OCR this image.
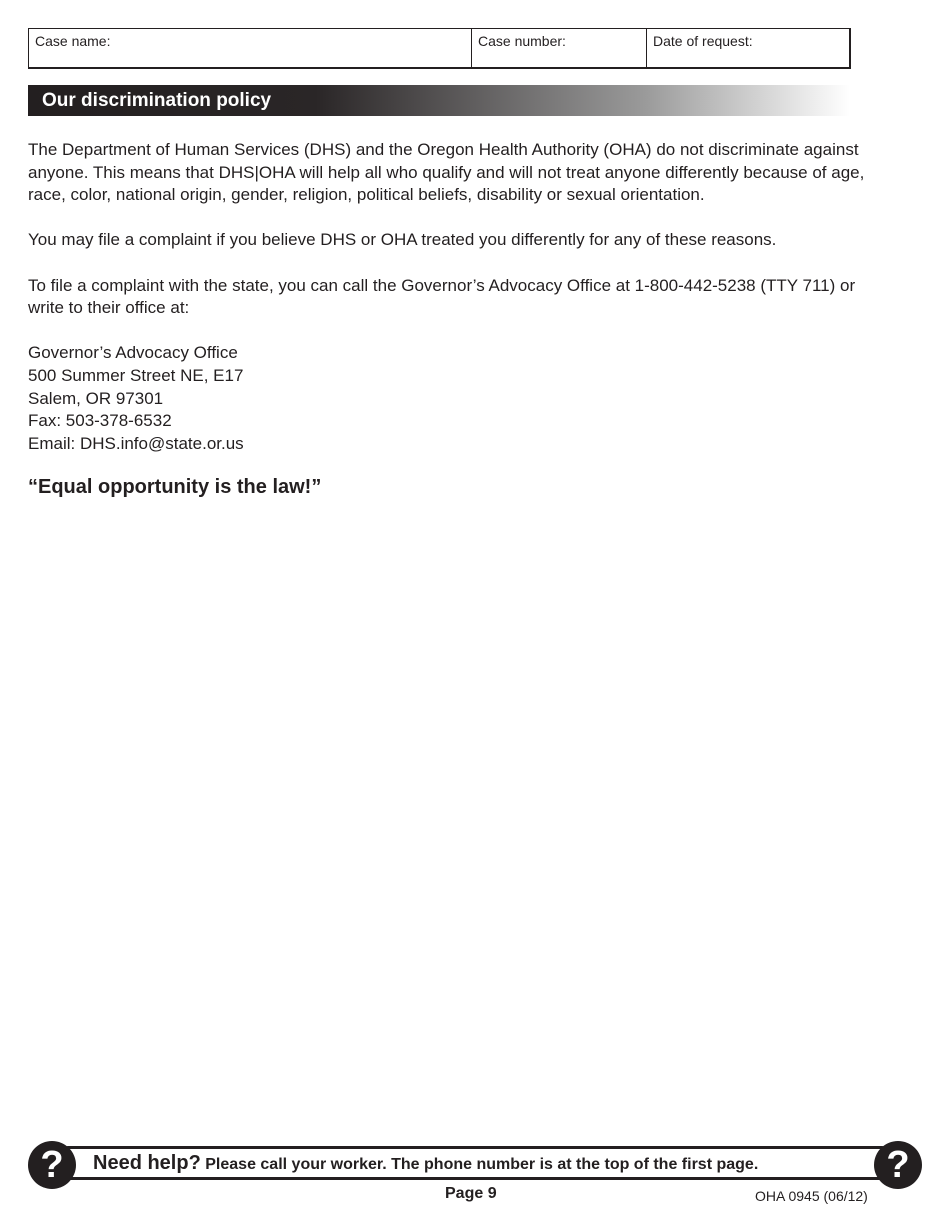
Case name:	Case number:	Date of request:
Our discrimination policy

The Department of Human Services (DHS) and the Oregon Health Authority (OHA) do not discriminate against anyone. This means that DHS|OHA will help all who qualify and will not treat anyone differently because of age, race, color, national origin, gender, religion, political beliefs, disability or sexual orientation.

You may file a complaint if you believe DHS or OHA treated you differently for any of these reasons.

To file a complaint with the state, you can call the Governor’s Advocacy Office at 1-800-442-5238 (TTY 711) or write to their office at:

Governor’s Advocacy Office
500 Summer Street NE, E17
Salem, OR 97301
Fax: 503-378-6532
Email: DHS.info@state.or.us

“Equal opportunity is the law!”
Need help? Please call your worker. The phone number is at the top of the first page.
?	?
Page 9	OHA 0945 (06/12)
